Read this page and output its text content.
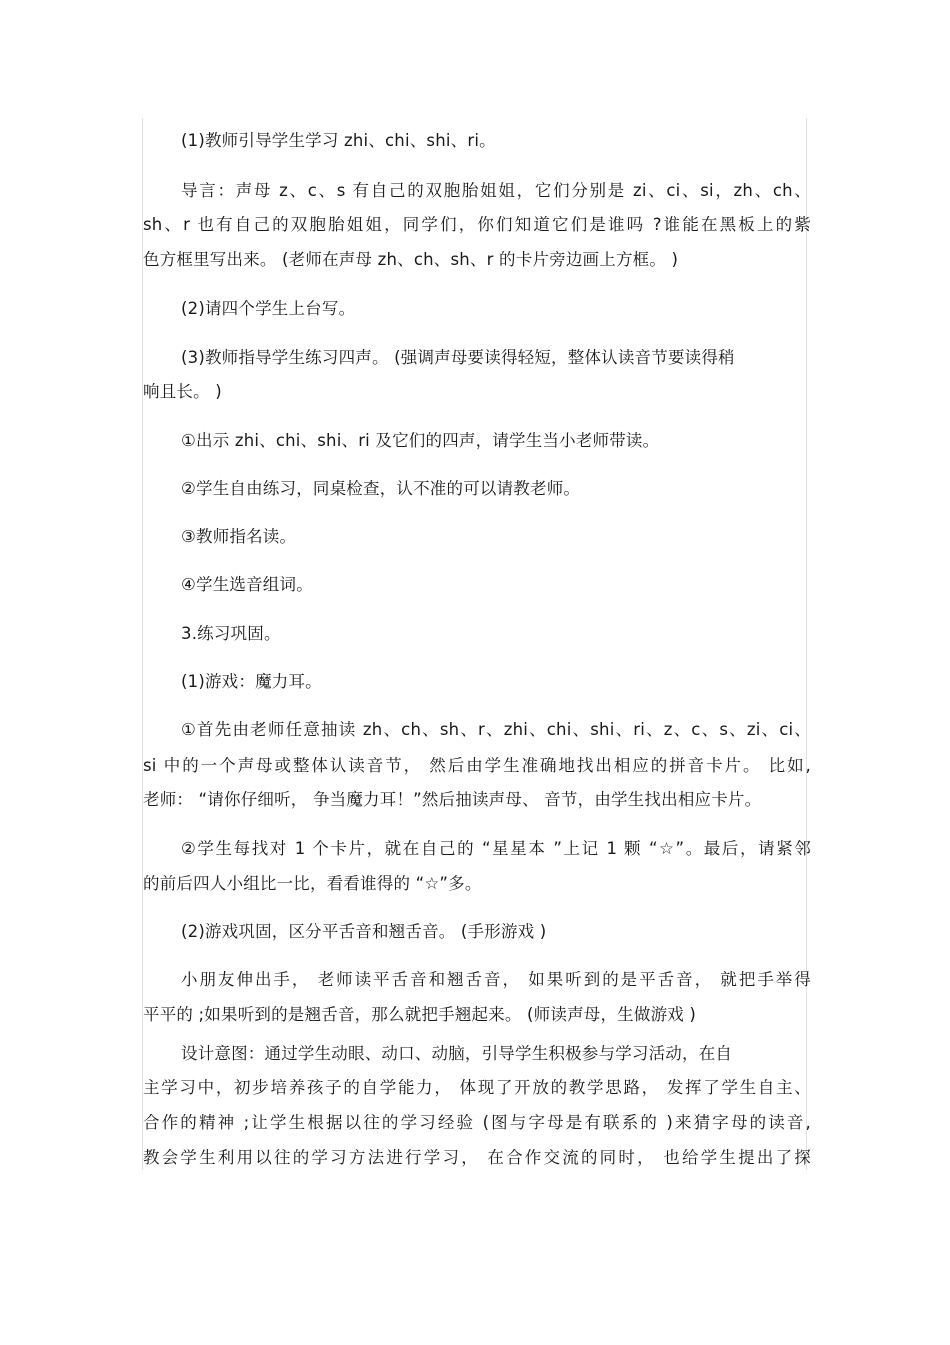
(1)教师引导学生学习 zhi、chi、shi、ri。
导言：声母 z、c、s 有自己的双胞胎姐姐，它们分别是 zi、ci、si，zh、ch、
sh、r 也有自己的双胞胎姐姐，同学们，你们知道它们是谁吗 ?谁能在黑板上的紫
色方框里写出来。 (老师在声母 zh、ch、sh、r 的卡片旁边画上方框。 )
(2)请四个学生上台写。
(3)教师指导学生练习四声。 (强调声母要读得轻短，整体认读音节要读得稍
响且长。 )
①出示 zhi、chi、shi、ri 及它们的四声，请学生当小老师带读。
②学生自由练习，同桌检查，认不准的可以请教老师。
③教师指名读。
④学生选音组词。
3.练习巩固。
(1)游戏：魔力耳。
①首先由老师任意抽读 zh、ch、sh、r、zhi、chi、shi、ri、z、c、s、zi、ci、
si 中的一个声母或整体认读音节， 然后由学生准确地找出相应的拼音卡片。 比如,
老师： “请你仔细听， 争当魔力耳！”然后抽读声母、 音节，由学生找出相应卡片。
②学生每找对 1 个卡片，就在自己的 “星星本 ”上记 1 颗 “☆”。最后，请紧邻
的前后四人小组比一比，看看谁得的 “☆”多。
(2)游戏巩固，区分平舌音和翘舌音。 (手形游戏 )
小朋友伸出手， 老师读平舌音和翘舌音， 如果听到的是平舌音， 就把手举得
平平的 ;如果听到的是翘舌音，那么就把手翘起来。 (师读声母，生做游戏 )
设计意图：通过学生动眼、动口、动脑，引导学生积极参与学习活动，在自
主学习中，初步培养孩子的自学能力， 体现了开放的教学思路， 发挥了学生自主、
合作的精神 ;让学生根据以往的学习经验 (图与字母是有联系的 )来猜字母的读音,
教会学生利用以往的学习方法进行学习， 在合作交流的同时， 也给学生提出了探
